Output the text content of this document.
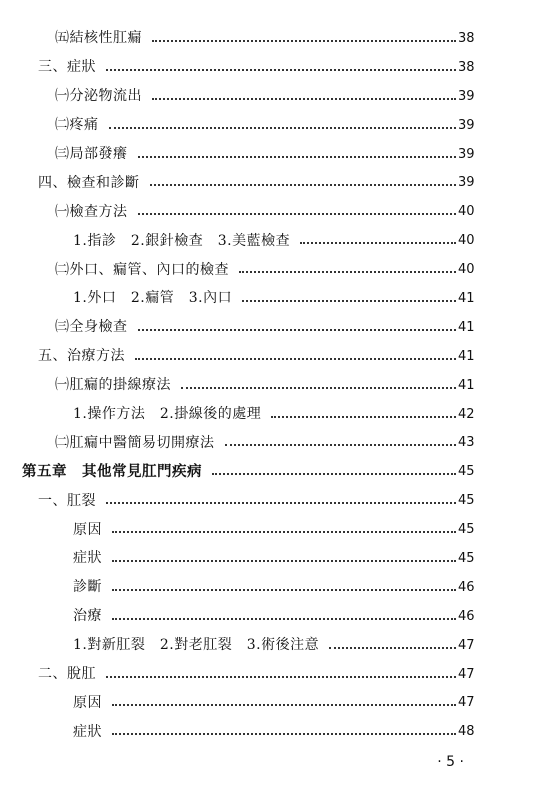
㈤結核性肛瘺	38
三、症狀	38
㈠分泌物流出	39
㈡疼痛	39
㈢局部發癢	39
四、檢查和診斷	39
㈠檢查方法	40
1.指診　2.銀針檢查　3.美藍檢查	40
㈡外口、瘺管、內口的檢查	40
1.外口　2.瘺管　3.內口	41
㈢全身檢查	41
五、治療方法	41
㈠肛瘺的掛線療法	41
1.操作方法　2.掛線後的處理	42
㈡肛瘺中醫簡易切開療法	43
第五章　其他常見肛門疾病	45
一、肛裂	45
原因	45
症狀	45
診斷	46
治療	46
1.對新肛裂　2.對老肛裂　3.術後注意	47
二、脫肛	47
原因	47
症狀	48
· 5 ·
